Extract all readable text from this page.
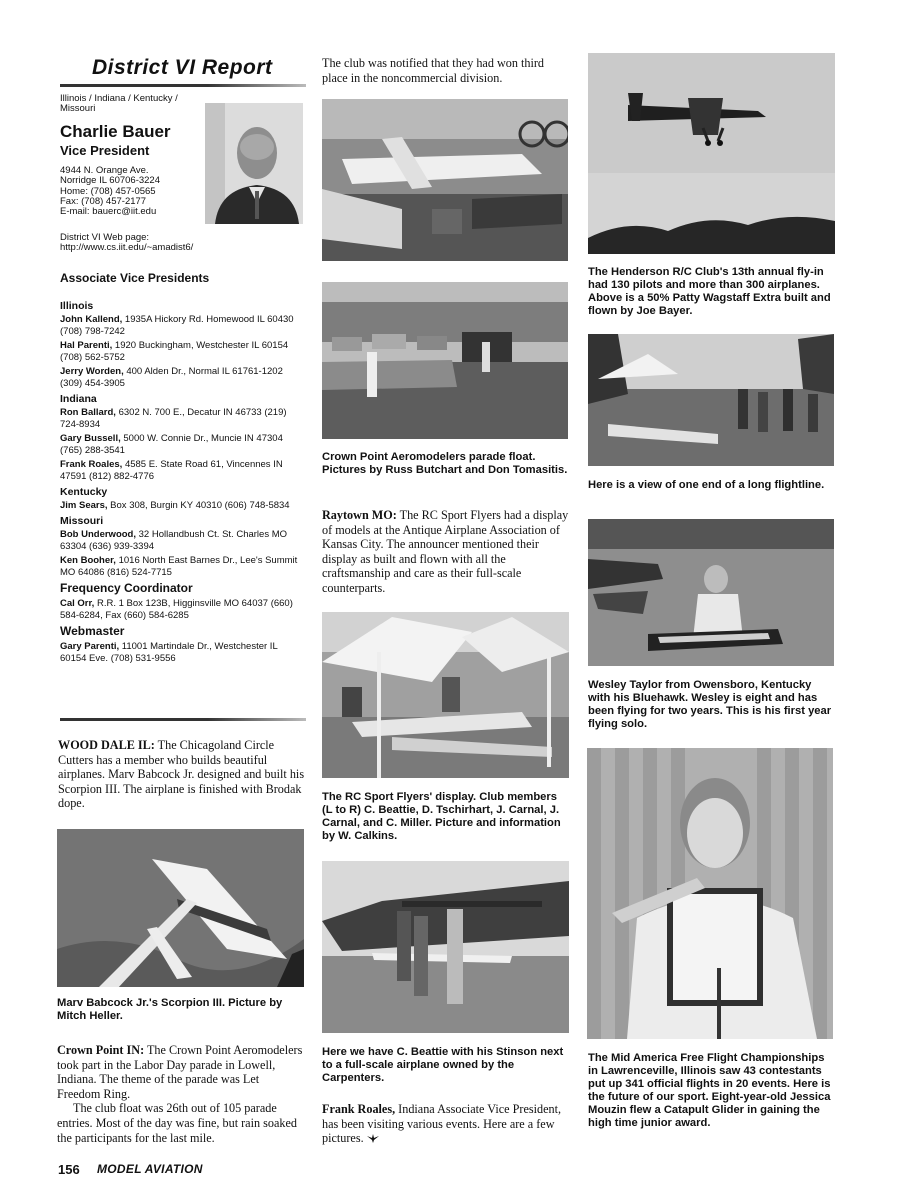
District VI Report
Illinois / Indiana / Kentucky / Missouri
Charlie Bauer
Vice President
4944 N. Orange Ave.
Norridge IL 60706-3224
Home: (708) 457-0565
Fax: (708) 457-2177
E-mail: bauerc@iit.edu
District VI Web page:
http://www.cs.iit.edu/~amadist6/
Associate Vice Presidents
Illinois
John Kallend, 1935A Hickory Rd. Homewood IL 60430 (708) 798-7242
Hal Parenti, 1920 Buckingham, Westchester IL 60154 (708) 562-5752
Jerry Worden, 400 Alden Dr., Normal IL 61761-1202 (309) 454-3905
Indiana
Ron Ballard, 6302 N. 700 E., Decatur IN 46733 (219) 724-8934
Gary Bussell, 5000 W. Connie Dr., Muncie IN 47304 (765) 288-3541
Frank Roales, 4585 E. State Road 61, Vincennes IN 47591 (812) 882-4776
Kentucky
Jim Sears, Box 308, Burgin KY 40310 (606) 748-5834
Missouri
Bob Underwood, 32 Hollandbush Ct. St. Charles MO 63304 (636) 939-3394
Ken Booher, 1016 North East Barnes Dr., Lee's Summit MO 64086 (816) 524-7715
Frequency Coordinator
Cal Orr, R.R. 1 Box 123B, Higginsville MO 64037 (660) 584-6284, Fax (660) 584-6285
Webmaster
Gary Parenti, 11001 Martindale Dr., Westchester IL 60154 Eve. (708) 531-9556
WOOD DALE IL: The Chicagoland Circle Cutters has a member who builds beautiful airplanes. Marv Babcock Jr. designed and built his Scorpion III. The airplane is finished with Brodak dope.
Marv Babcock Jr.'s Scorpion III. Picture by Mitch Heller.
Crown Point IN: The Crown Point Aeromodelers took part in the Labor Day parade in Lowell, Indiana. The theme of the parade was Let Freedom Ring.
The club float was 26th out of 105 parade entries. Most of the day was fine, but rain soaked the participants for the last mile.
156 MODEL AVIATION
The club was notified that they had won third place in the noncommercial division.
Crown Point Aeromodelers parade float. Pictures by Russ Butchart and Don Tomasitis.
Raytown MO: The RC Sport Flyers had a display of models at the Antique Airplane Association of Kansas City. The announcer mentioned their display as built and flown with all the craftsmanship and care as their full-scale counterparts.
The RC Sport Flyers' display. Club members (L to R) C. Beattie, D. Tschirhart, J. Carnal, J. Carnal, and C. Miller. Picture and information by W. Calkins.
Here we have C. Beattie with his Stinson next to a full-scale airplane owned by the Carpenters.
Frank Roales, Indiana Associate Vice President, has been visiting various events. Here are a few pictures.
The Henderson R/C Club's 13th annual fly-in had 130 pilots and more than 300 airplanes. Above is a 50% Patty Wagstaff Extra built and flown by Joe Bayer.
Here is a view of one end of a long flightline.
Wesley Taylor from Owensboro, Kentucky with his Bluehawk. Wesley is eight and has been flying for two years. This is his first year flying solo.
The Mid America Free Flight Championships in Lawrenceville, Illinois saw 43 contestants put up 341 official flights in 20 events. Here is the future of our sport. Eight-year-old Jessica Mouzin flew a Catapult Glider in gaining the high time junior award.
